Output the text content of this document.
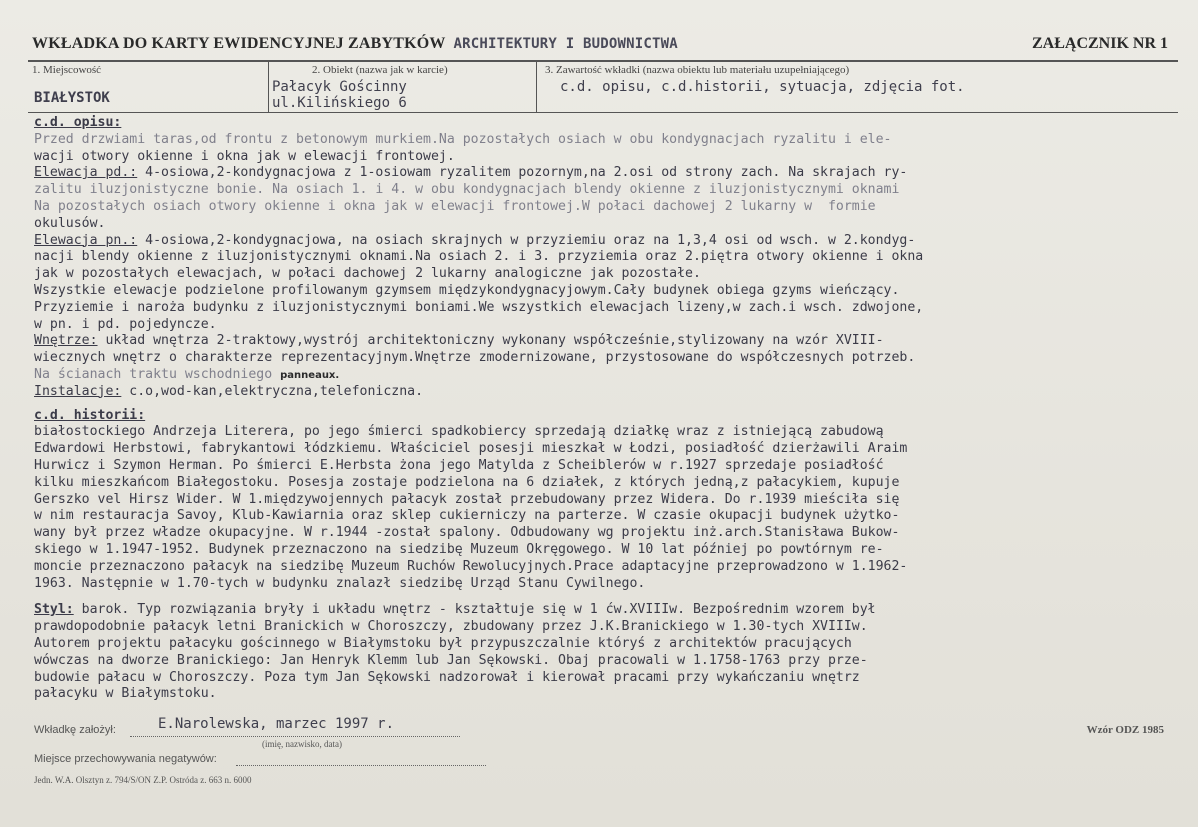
WKŁADKA DO KARTY EWIDENCYJNEJ ZABYTKÓW ARCHITEKTURY I BUDOWNICTWA	ZAŁĄCZNIK NR 1
1. Miejscowość
BIAŁYSTOK
2. Obiekt (nazwa jak w karcie)
Pałacyk Gościnny
ul.Kilińskiego 6
3. Zawartość wkładki (nazwa obiektu lub materiału uzupełniającego)
c.d. opisu, c.d.historii, sytuacja, zdjęcia fot.
c.d. opisu:
Przed drzwiami taras,od frontu z betonowym murkiem.Na pozostałych osiach w obu kondygnacjach ryzalitu i ele-
wacji otwory okienne i okna jak w elewacji frontowej.
Elewacja pd.: 4-osiowa,2-kondygnacjowa z 1-osiowam ryzalitem pozornym,na 2.osi od strony zach. Na skrajach ry-
zalitu iluzjonistyczne bonie. Na osiach 1. i 4. w obu kondygnacjach blendy okienne z iluzjonistycznymi oknami
Na pozostałych osiach otwory okienne i okna jak w elewacji frontowej.W połaci dachowej 2 lukarny w  formie
okulusów.
Elewacja pn.: 4-osiowa,2-kondygnacjowa, na osiach skrajnych w przyziemiu oraz na 1,3,4 osi od wsch. w 2.kondyg-
nacji blendy okienne z iluzjonistycznymi oknami.Na osiach 2. i 3. przyziemia oraz 2.piętra otwory okienne i okna
jak w pozostałych elewacjach, w połaci dachowej 2 lukarny analogiczne jak pozostałe.
Wszystkie elewacje podzielone profilowanym gzymsem międzykondygnacyjowym.Cały budynek obiega gzyms wieńczący.
Przyziemie i naroża budynku z iluzjonistycznymi boniami.We wszystkich elewacjach lizeny,w zach.i wsch. zdwojone,
w pn. i pd. pojedyncze.
Wnętrze: układ wnętrza 2-traktowy,wystrój architektoniczny wykonany współcześnie,stylizowany na wzór XVIII-
wiecznych wnętrz o charakterze reprezentacyjnym.Wnętrze zmodernizowane, przystosowane do współczesnych potrzeb.
Na ścianach traktu wschodniego panneaux.
Instalacje: c.o,wod-kan,elektryczna,telefoniczna.
c.d. historii:
białostockiego Andrzeja Literera, po jego śmierci spadkobiercy sprzedają działkę wraz z istniejącą zabudową
Edwardowi Herbstowi, fabrykantowi łódzkiemu. Właściciel posesji mieszkał w Łodzi, posiadłość dzierżawili Araim
Hurwicz i Szymon Herman. Po śmierci E.Herbsta żona jego Matylda z Scheiblerów w r.1927 sprzedaje posiadłość
kilku mieszkańcom Białegostoku. Posesja zostaje podzielona na 6 działek, z których jedną,z pałacykiem, kupuje
Gerszko vel Hirsz Wider. W 1.międzywojennych pałacyk został przebudowany przez Widera. Do r.1939 mieściła się
w nim restauracja Savoy, Klub-Kawiarnia oraz sklep cukierniczy na parterze. W czasie okupacji budynek użytko-
wany był przez władze okupacyjne. W r.1944 -został spalony. Odbudowany wg projektu inż.arch.Stanisława Bukow-
skiego w 1.1947-1952. Budynek przeznaczono na siedzibę Muzeum Okręgowego. W 10 lat później po powtórnym re-
moncie przeznaczono pałacyk na siedzibę Muzeum Ruchów Rewolucyjnych.Prace adaptacyjne przeprowadzono w 1.1962-
1963. Następnie w 1.70-tych w budynku znalazł siedzibę Urząd Stanu Cywilnego.
Styl: barok. Typ rozwiązania bryły i układu wnętrz - kształtuje się w 1 ćw.XVIIIw. Bezpośrednim wzorem był
prawdopodobnie pałacyk letni Branickich w Choroszczy, zbudowany przez J.K.Branickiego w 1.30-tych XVIIIw.
Autorem projektu pałacyku gościnnego w Białymstoku był przypuszczalnie któryś z architektów pracujących
wówczas na dworze Branickiego: Jan Henryk Klemm lub Jan Sękowski. Obaj pracowali w 1.1758-1763 przy prze-
budowie pałacu w Choroszczy. Poza tym Jan Sękowski nadzorował i kierował pracami przy wykańczaniu wnętrz
pałacyku w Białymstoku.
Wkładkę założył:	E.Narolewska, marzec 1997 r.
(imię, nazwisko, data)
Wzór ODZ 1985
Miejsce przechowywania negatywów:
Jedn. W.A. Olsztyn z. 794/S/ON Z.P. Ostróda z. 663 n. 6000
